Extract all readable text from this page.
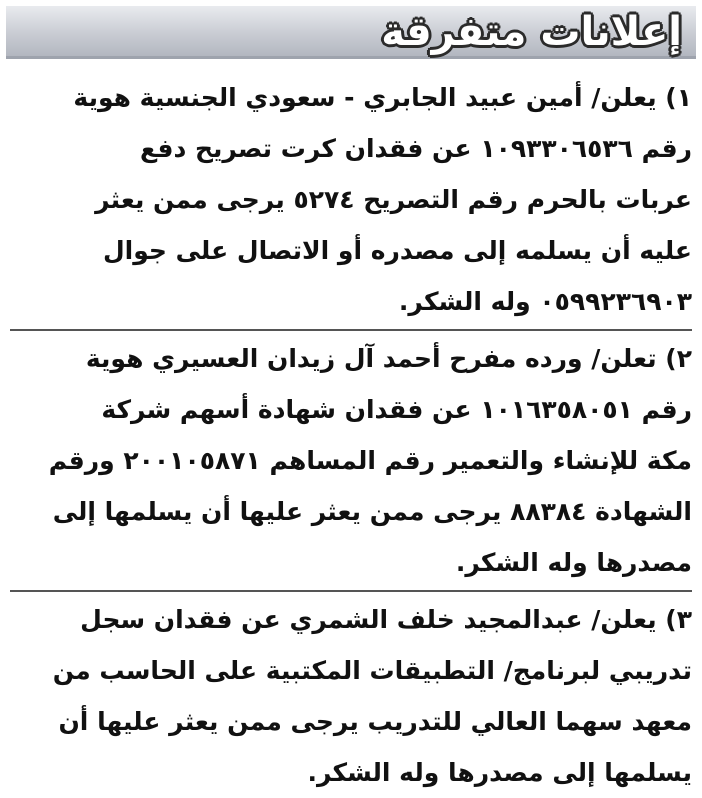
إعلانات متفرقة
١) يعلن/ أمين عبيد الجابري - سعودي الجنسية هوية
رقم ١٠٩٣٣٠٦٥٣٦ عن فقدان كرت تصريح دفع
عربات بالحرم رقم التصريح ٥٢٧٤ يرجى ممن يعثر
عليه أن يسلمه إلى مصدره أو الاتصال على جوال
٠٥٩٩٢٣٦٩٠٣ وله الشكر.
٢) تعلن/ ورده مفرح أحمد آل زيدان العسيري هوية
رقم ١٠١٦٣٥٨٠٥١ عن فقدان شهادة أسهم شركة
مكة للإنشاء والتعمير رقم المساهم ٢٠٠١٠٥٨٧١ ورقم
الشهادة ٨٨٣٨٤ يرجى ممن يعثر عليها أن يسلمها إلى
مصدرها وله الشكر.
٣) يعلن/ عبدالمجيد خلف الشمري عن فقدان سجل
تدريبي لبرنامج/ التطبيقات المكتبية على الحاسب من
معهد سهما العالي للتدريب يرجى ممن يعثر عليها أن
يسلمها إلى مصدرها وله الشكر.
